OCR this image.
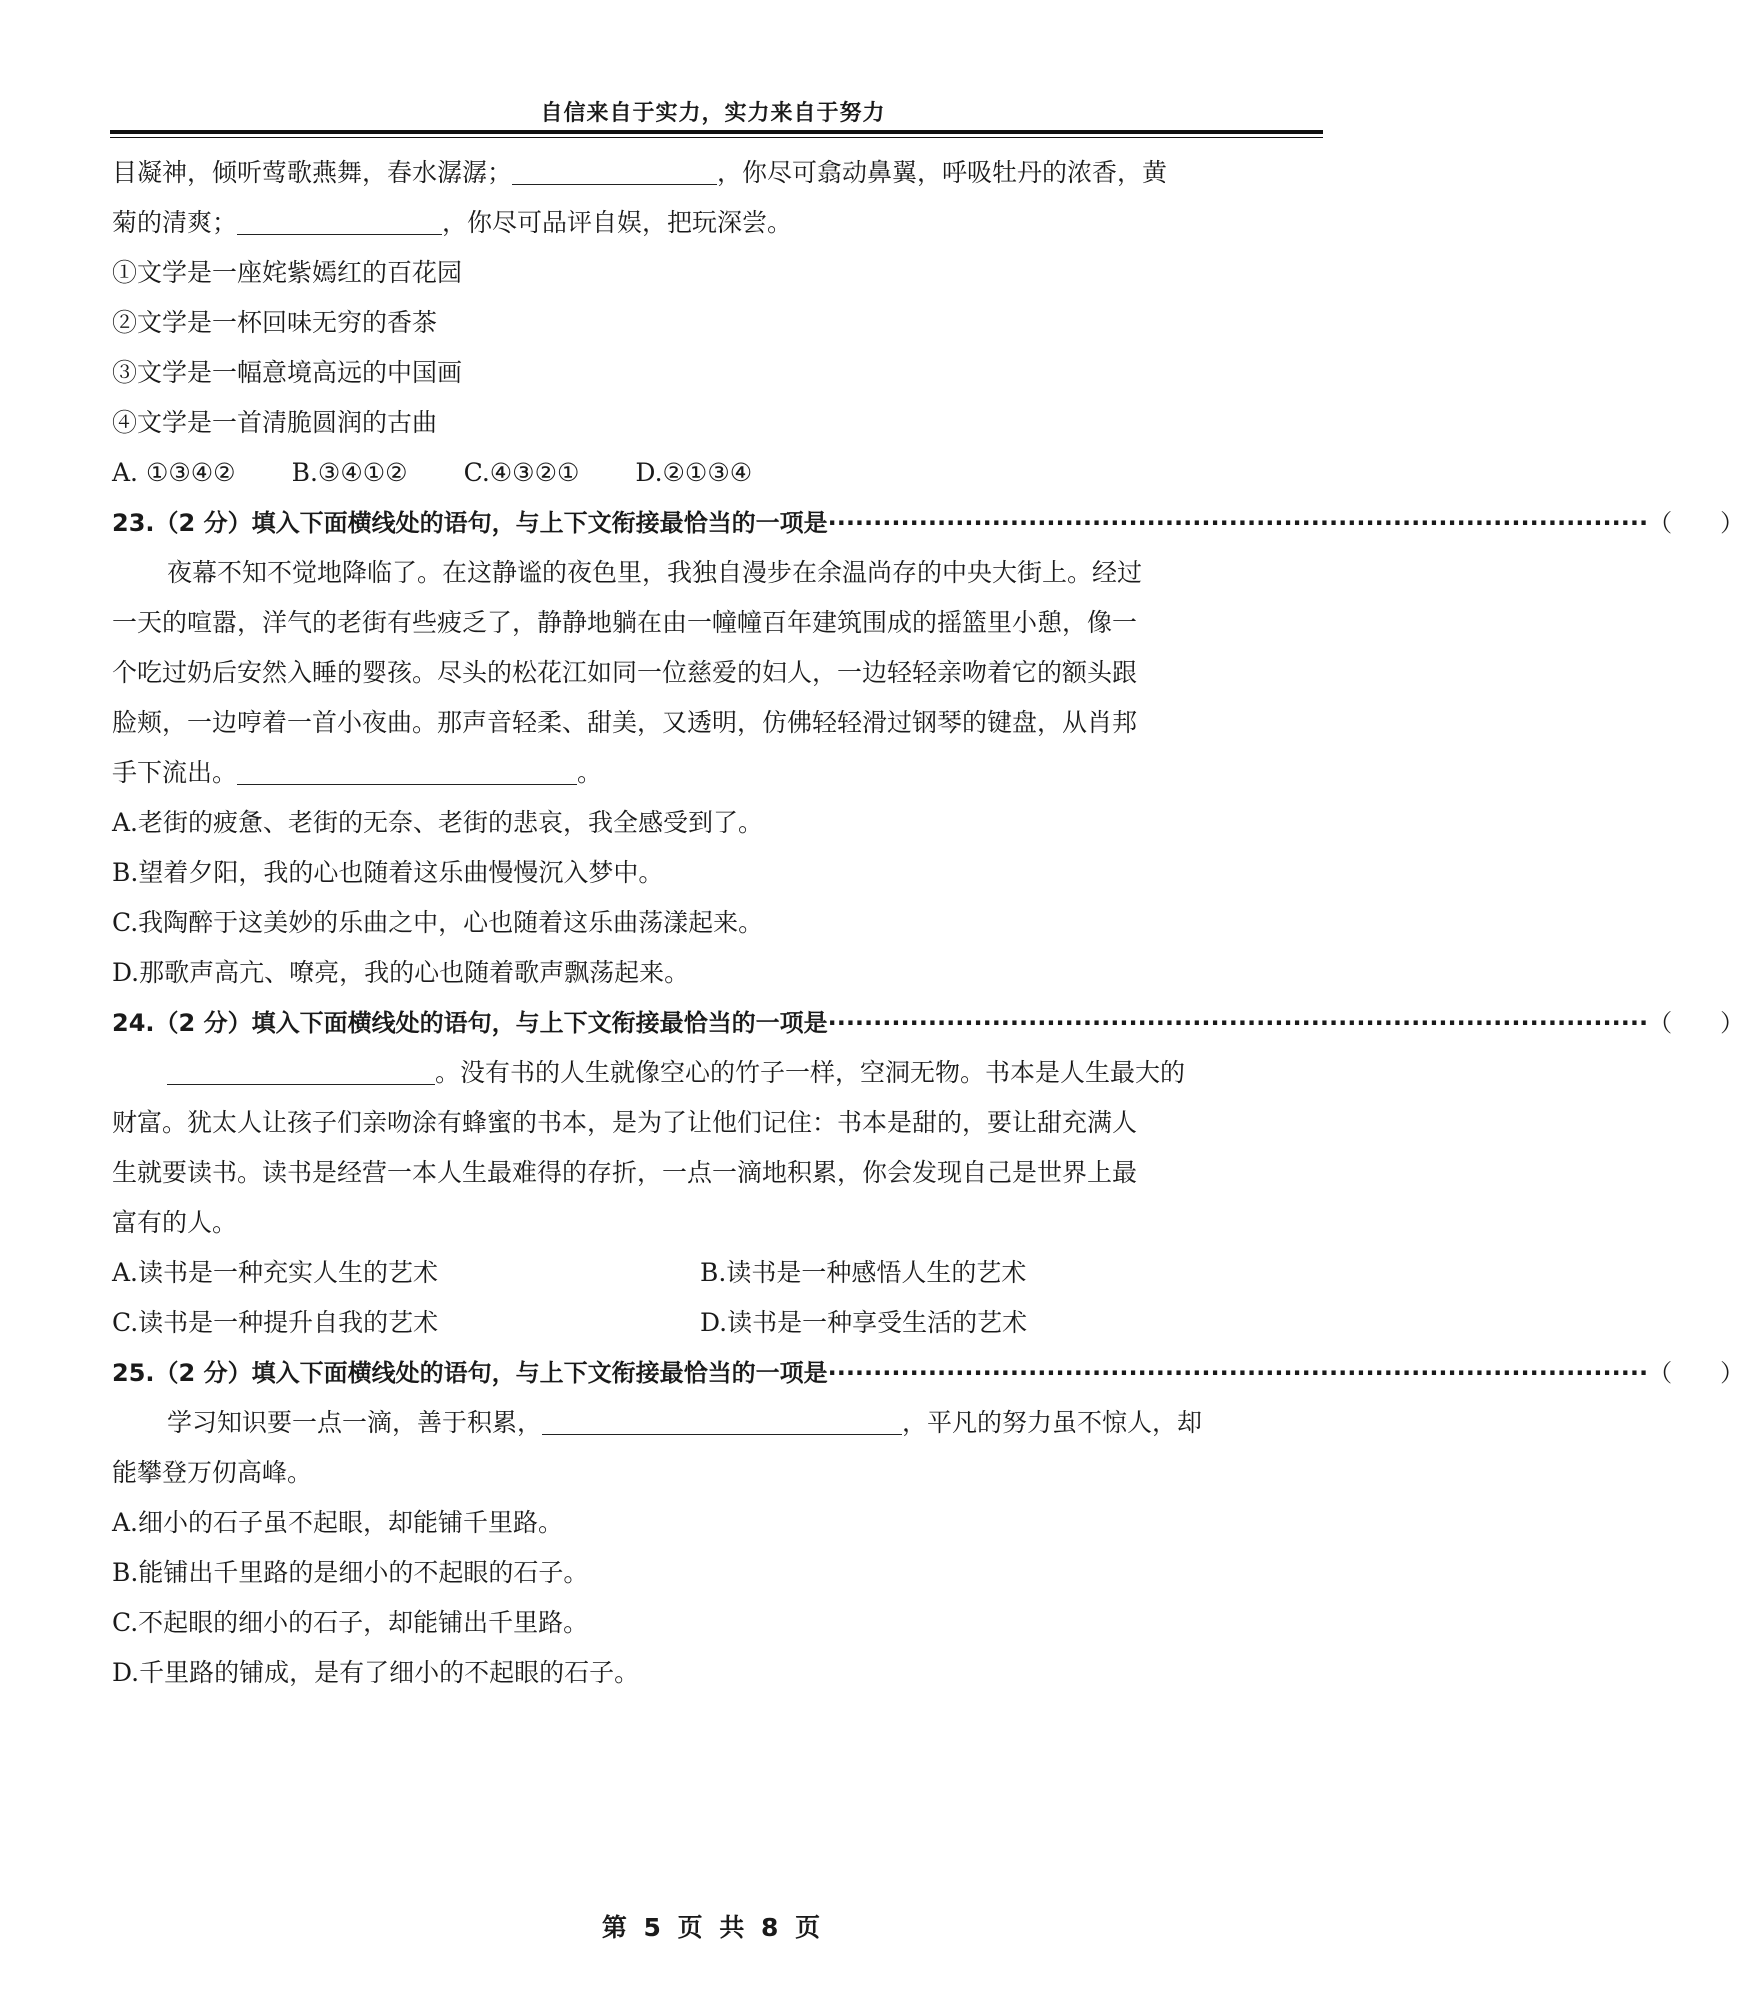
自信来自于实力，实力来自于努力
目凝神，倾听莺歌燕舞，春水潺潺；	，你尽可翕动鼻翼，呼吸牡丹的浓香，黄
菊的清爽；	，你尽可品评自娱，把玩深尝。
①文学是一座姹紫嫣红的百花园
②文学是一杯回味无穷的香茶
③文学是一幅意境高远的中国画
④文学是一首清脆圆润的古曲
A. ①③④② B.③④①② C.④③②① D.②①③④
23.（2 分）填入下面横线处的语句，与上下文衔接最恰当的一项是 ·························································································· （　　）
夜幕不知不觉地降临了。在这静谧的夜色里，我独自漫步在余温尚存的中央大街上。经过
一天的喧嚣，洋气的老街有些疲乏了，静静地躺在由一幢幢百年建筑围成的摇篮里小憩，像一
个吃过奶后安然入睡的婴孩。尽头的松花江如同一位慈爱的妇人，一边轻轻亲吻着它的额头跟
脸颊，一边哼着一首小夜曲。那声音轻柔、甜美，又透明，仿佛轻轻滑过钢琴的键盘，从肖邦
手下流出。	。
A.老街的疲惫、老街的无奈、老街的悲哀，我全感受到了。
B.望着夕阳，我的心也随着这乐曲慢慢沉入梦中。
C.我陶醉于这美妙的乐曲之中，心也随着这乐曲荡漾起来。
D.那歌声高亢、嘹亮，我的心也随着歌声飘荡起来。
24.（2 分）填入下面横线处的语句，与上下文衔接最恰当的一项是 ·························································································· （　　）
。没有书的人生就像空心的竹子一样，空洞无物。书本是人生最大的
财富。犹太人让孩子们亲吻涂有蜂蜜的书本，是为了让他们记住：书本是甜的，要让甜充满人
生就要读书。读书是经营一本人生最难得的存折，一点一滴地积累，你会发现自己是世界上最
富有的人。
A.读书是一种充实人生的艺术	B.读书是一种感悟人生的艺术
C.读书是一种提升自我的艺术	D.读书是一种享受生活的艺术
25.（2 分）填入下面横线处的语句，与上下文衔接最恰当的一项是 ·························································································· （　　）
学习知识要一点一滴，善于积累，	，平凡的努力虽不惊人，却
能攀登万仞高峰。
A.细小的石子虽不起眼，却能铺千里路。
B.能铺出千里路的是细小的不起眼的石子。
C.不起眼的细小的石子，却能铺出千里路。
D.千里路的铺成，是有了细小的不起眼的石子。
第 5 页 共 8 页
